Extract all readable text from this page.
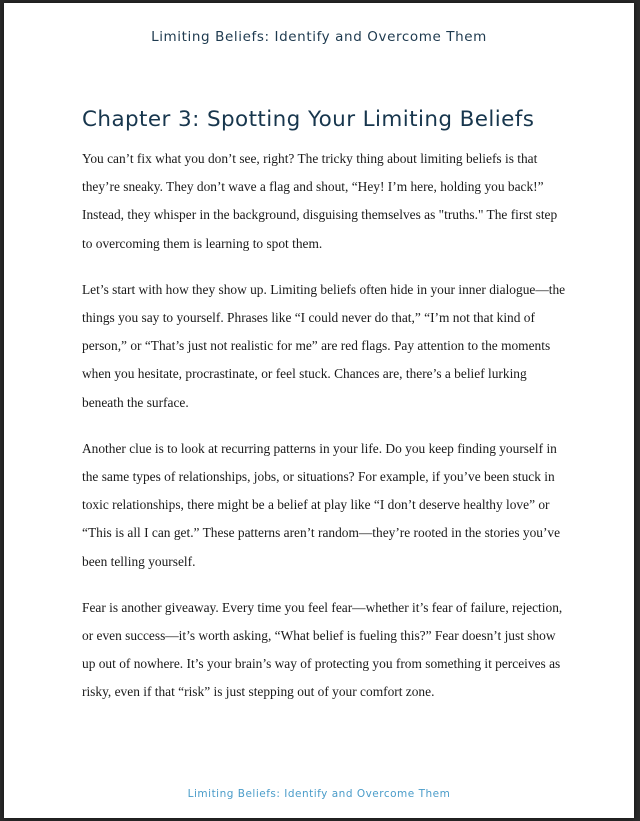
Limiting Beliefs: Identify and Overcome Them
Chapter 3: Spotting Your Limiting Beliefs

You can’t fix what you don’t see, right? The tricky thing about limiting beliefs is that they’re sneaky. They don’t wave a flag and shout, “Hey! I’m here, holding you back!” Instead, they whisper in the background, disguising themselves as "truths." The first step to overcoming them is learning to spot them.

Let’s start with how they show up. Limiting beliefs often hide in your inner dialogue—the things you say to yourself. Phrases like “I could never do that,” “I’m not that kind of person,” or “That’s just not realistic for me” are red flags. Pay attention to the moments when you hesitate, procrastinate, or feel stuck. Chances are, there’s a belief lurking beneath the surface.

Another clue is to look at recurring patterns in your life. Do you keep finding yourself in the same types of relationships, jobs, or situations? For example, if you’ve been stuck in toxic relationships, there might be a belief at play like “I don’t deserve healthy love” or “This is all I can get.” These patterns aren’t random—they’re rooted in the stories you’ve been telling yourself.

Fear is another giveaway. Every time you feel fear—whether it’s fear of failure, rejection, or even success—it’s worth asking, “What belief is fueling this?” Fear doesn’t just show up out of nowhere. It’s your brain’s way of protecting you from something it perceives as risky, even if that “risk” is just stepping out of your comfort zone.

Limiting Beliefs: Identify and Overcome Them
